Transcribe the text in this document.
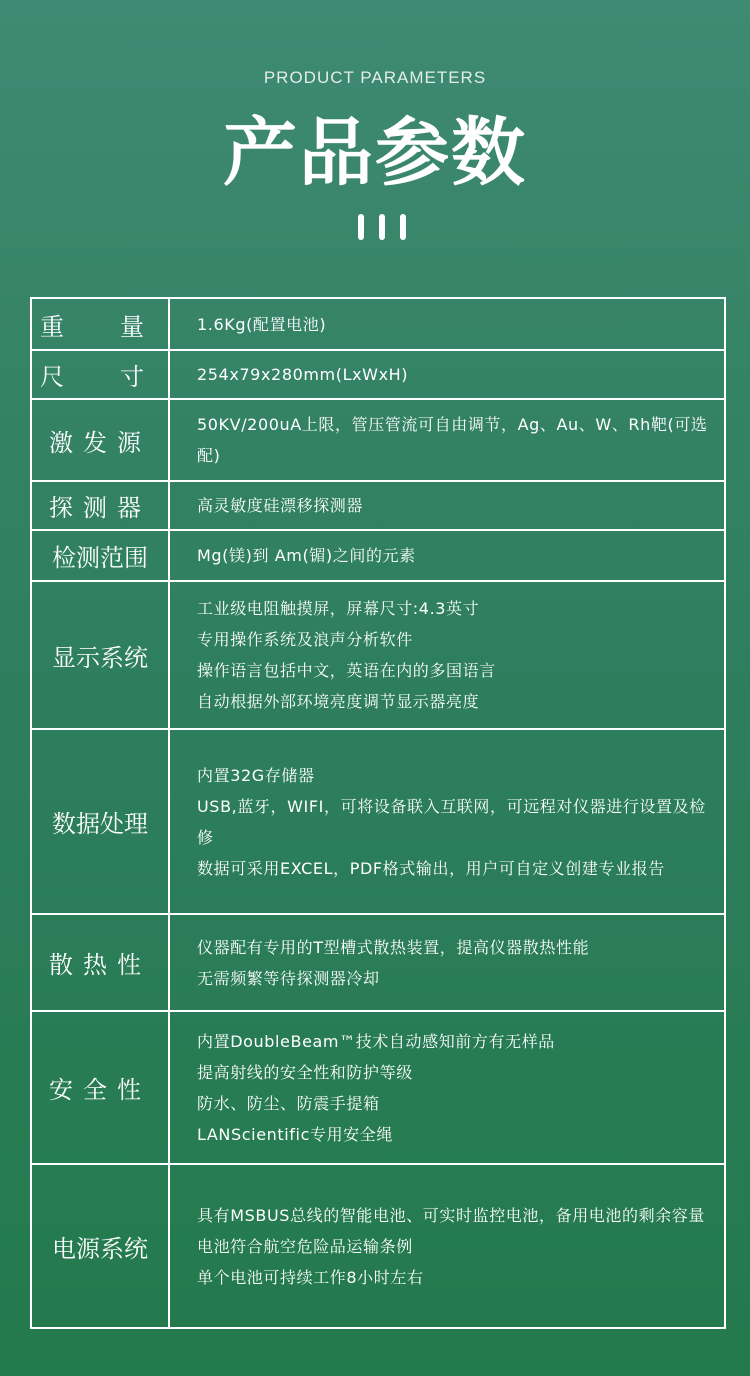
PRODUCT PARAMETERS
产品参数
重　量	1.6Kg(配置电池)

尺　寸	254x79x280mm(LxWxH)

激发源	50KV/200uA上限，管压管流可自由调节，Ag、Au、W、Rh靶(可选配)

探测器	高灵敏度硅漂移探测器

检测范围	Mg(镁)到 Am(镅)之间的元素

显示系统	工业级电阻触摸屏，屏幕尺寸:4.3英寸
专用操作系统及浪声分析软件
操作语言包括中文，英语在内的多国语言
自动根据外部环境亮度调节显示器亮度

数据处理	内置32G存储器
USB,蓝牙，WIFI，可将设备联入互联网，可远程对仪器进行设置及检修
数据可采用EXCEL，PDF格式输出，用户可自定义创建专业报告

散热性	仪器配有专用的T型槽式散热装置，提高仪器散热性能
无需频繁等待探测器冷却

安全性	内置DoubleBeam™技术自动感知前方有无样品
提高射线的安全性和防护等级
防水、防尘、防震手提箱
LANScientific专用安全绳

电源系统	具有MSBUS总线的智能电池、可实时监控电池，备用电池的剩余容量
电池符合航空危险品运输条例
单个电池可持续工作8小时左右
